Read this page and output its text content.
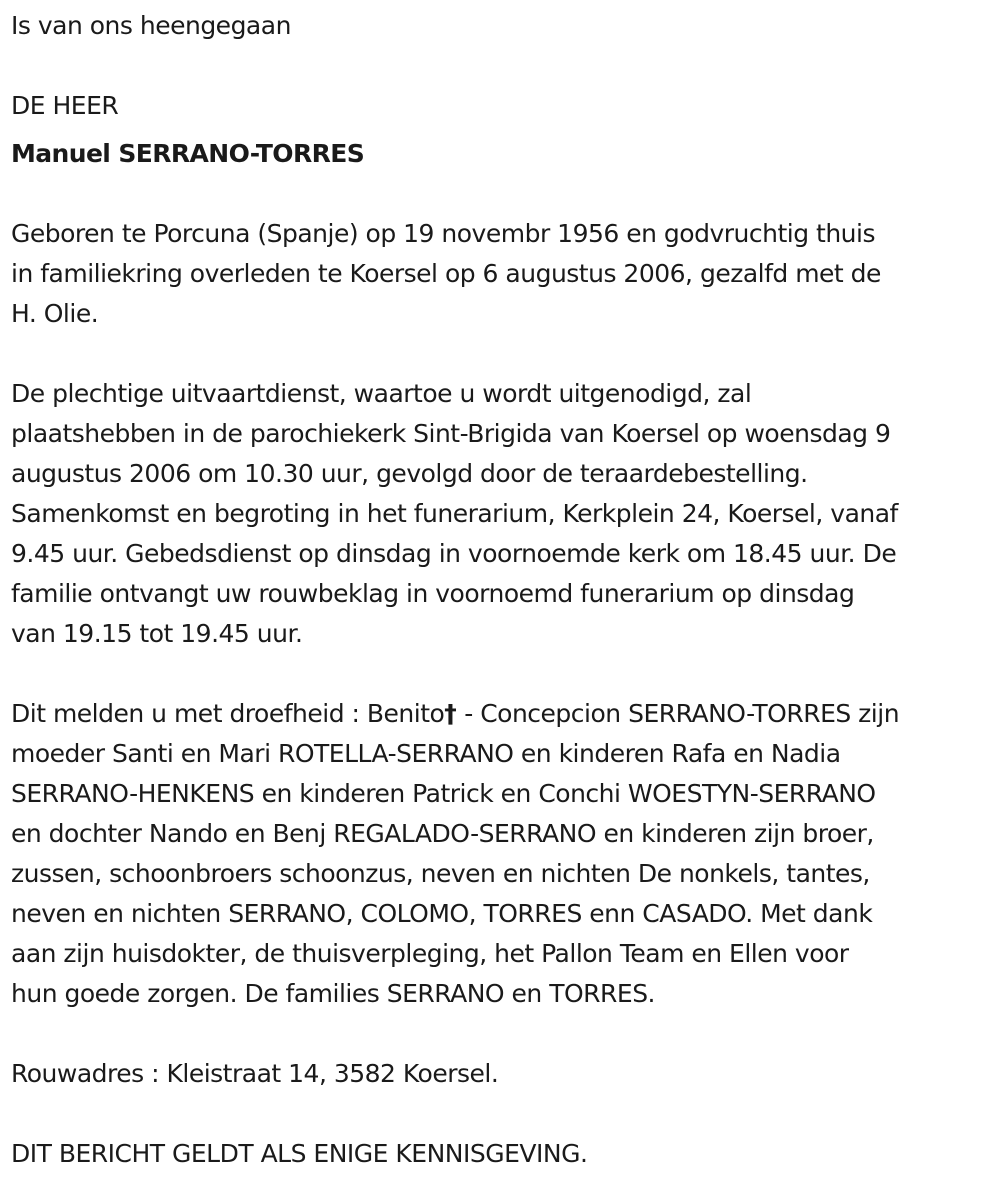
Is van ons heengegaan
DE HEER
Manuel SERRANO-TORRES
Geboren te Porcuna (Spanje) op 19 novembr 1956 en godvruchtig thuis
in familiekring overleden te Koersel op 6 augustus 2006, gezalfd met de
H. Olie.
De plechtige uitvaartdienst, waartoe u wordt uitgenodigd, zal
plaatshebben in de parochiekerk Sint-Brigida van Koersel op woensdag 9
augustus 2006 om 10.30 uur, gevolgd door de teraardebestelling.
Samenkomst en begroting in het funerarium, Kerkplein 24, Koersel, vanaf
9.45 uur. Gebedsdienst op dinsdag in voornoemde kerk om 18.45 uur. De
familie ontvangt uw rouwbeklag in voornoemd funerarium op dinsdag
van 19.15 tot 19.45 uur.
Dit melden u met droefheid : Benito† - Concepcion SERRANO-TORRES zijn
moeder Santi en Mari ROTELLA-SERRANO en kinderen Rafa en Nadia
SERRANO-HENKENS en kinderen Patrick en Conchi WOESTYN-SERRANO
en dochter Nando en Benj REGALADO-SERRANO en kinderen zijn broer,
zussen, schoonbroers schoonzus, neven en nichten De nonkels, tantes,
neven en nichten SERRANO, COLOMO, TORRES enn CASADO. Met dank
aan zijn huisdokter, de thuisverpleging, het Pallon Team en Ellen voor
hun goede zorgen. De families SERRANO en TORRES.
Rouwadres : Kleistraat 14, 3582 Koersel.
DIT BERICHT GELDT ALS ENIGE KENNISGEVING.
